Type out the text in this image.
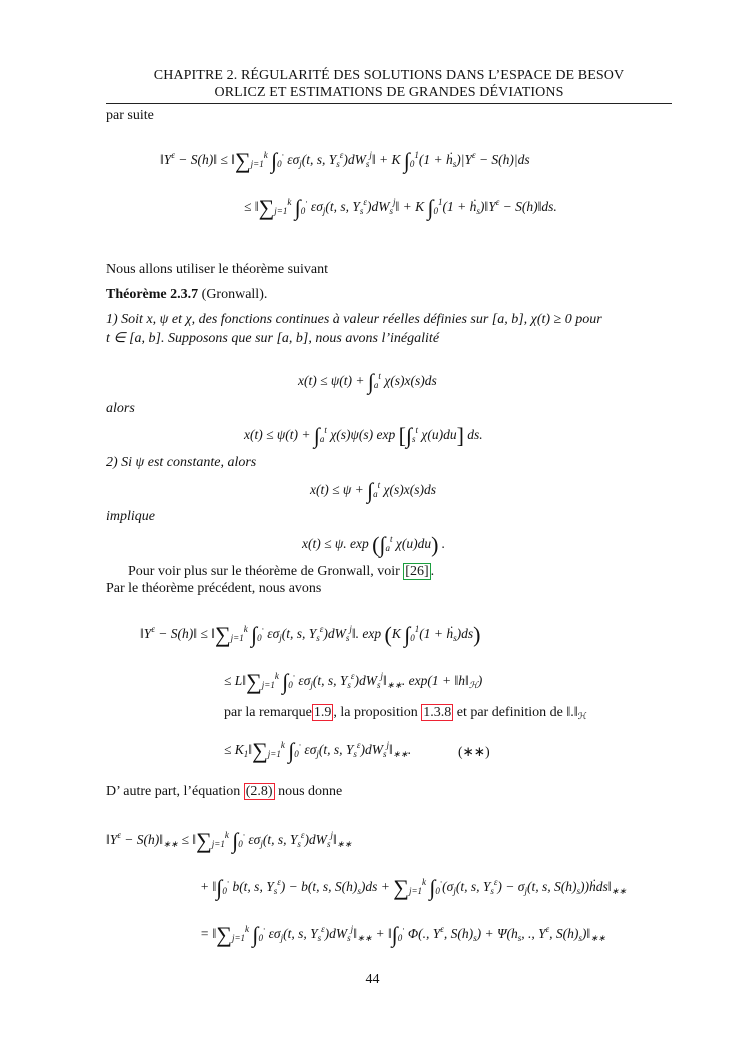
CHAPITRE 2. RÉGULARITÉ DES SOLUTIONS DANS L’ESPACE DE BESOV
ORLICZ ET ESTIMATIONS DE GRANDES DÉVIATIONS
par suite
$‖Y^\varepsilon$ − S(h)‖ ≤ $‖\sum_{j=1}^k$ $\int_0^\cdot$ $\varepsilon\sigma_j(t$, s, $Y_s^\varepsilon)dW_s^j‖ + K$ $\int_0^1(1$ + $ḣ_s)|Y^\varepsilon - S(h)|ds$
≤ $‖\sum_{j=1}^k$ $\int_0^\cdot$ $\varepsilon\sigma_j(t$, s, $Y_s^\varepsilon)dW_s^j‖ + K$ $\int_0^1(1$ + $ḣ_s)‖Y^\varepsilon$ − S(h)‖ds.
Nous allons utiliser le théorème suivant
Théorème 2.3.7 (Gronwall).
1) Soit x, ψ et χ, des fonctions continues à valeur réelles définies sur [a, b], χ(t) ≥ 0 pour
t ∈ [a, b]. Supposons que sur [a, b], nous avons l’inégalité
$x(t) \le \psi(t) + \int_a^t$ χ(s)x(s)ds
alors
$x(t) \le \psi(t) + \int_a^t$ χ(s)ψ(s) $\exp [\int_s^t$ χ(u)du] ds.
2) Si ψ est constante, alors
$x(t) \le \psi + \int_a^t$ χ(s)x(s)ds
implique
x(t) ≤ ψ. $\exp (\int_a^t$ χ(u)du) .
Pour voir plus sur le théorème de Gronwall, voir [26] .
Par le théorème précédent, nous avons
$‖Y^\varepsilon$ − S(h)‖ ≤ $‖\sum_{j=1}^k$ $\int_0^\cdot$ $\varepsilon\sigma_j(t$, s, $Y_s^\varepsilon)dW_s^j‖$. exp (K $\int_0^1(1$ + ḣ$_s$)ds)
≤ $L‖\sum_{j=1}^k$ $\int_0^\cdot$ $\varepsilon\sigma_j(t$, s, $Y_s^\varepsilon)dW_s^j‖_{∗∗}$. $\exp(1 + ‖h‖_ℋ)$
par la remarque 1.9 , la proposition 1.3.8 et par definition de $‖.‖_ℋ$
≤ $K_1‖\sum_{j=1}^k$ $\int_0^\cdot$ $\varepsilon\sigma_j(t$, s, $Y_s^\varepsilon)dW_s^j‖_{∗∗}$.	(∗∗)
D’ autre part, l’équation (2.8) nous donne
$‖Y^\varepsilon$ − $S(h)‖_{∗∗}$ ≤ $‖\sum_{j=1}^k$ $\int_0^\cdot$ $\varepsilon\sigma_j(t$, s, $Y_s^\varepsilon)dW_s^j‖_{∗∗}$
+ $‖\int_0^\cdot$ b(t, s, $Y_s^\varepsilon) - b(t$, s, $S(h)_s)ds + \sum_{j=1}^k$ $\int_0^\cdot(\sigma_j(t$, s, $Y_s^\varepsilon) - \sigma_j(t$, s, $S(h)_s))ḣds‖_{∗∗}$
= $‖\sum_{j=1}^k$ $\int_0^\cdot$ $\varepsilon\sigma_j(t$, s, $Y_s^\varepsilon)dW_s^j‖_{∗∗}$ + $‖\int_0^\cdot$ Φ(., $Y^\varepsilon$, $S(h)_s) + \Psi(h_s$, ., $Y^\varepsilon$, $S(h)_s)‖_{∗∗}$
44
